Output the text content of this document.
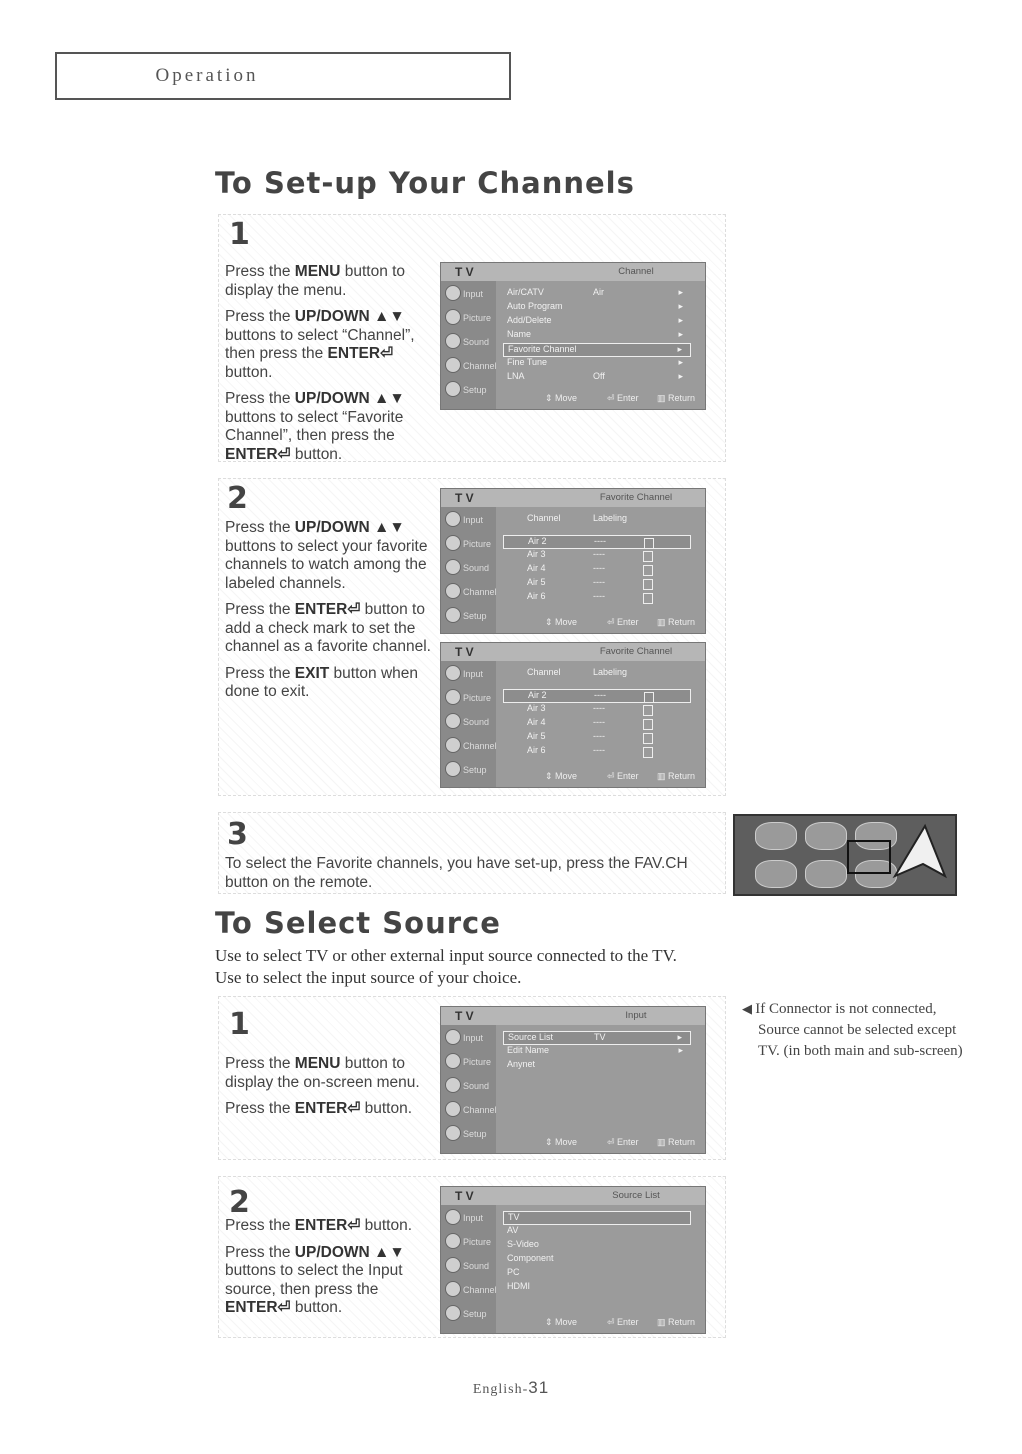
Operation
To Set-up Your Channels
1

Press the MENU button to display the menu.

Press the UP/DOWN ▲▼ buttons to select “Channel”, then press the ENTER⏎ button.

Press the UP/DOWN ▲▼ buttons to select “Favorite Channel”, then press the ENTER⏎ button.

2

Press the UP/DOWN ▲▼ buttons to select your favorite channels to watch among the labeled channels.

Press the ENTER⏎ button to add a check mark to set the channel as a favorite channel.

Press the EXIT button when done to exit.

3

To select the Favorite channels, you have set-up, press the FAV.CH button on the remote.

To Select Source
Use to select TV or other external input source connected to the TV.
Use to select the input source of your choice.
1

Press the MENU button to display the on-screen menu.

Press the ENTER⏎ button.

◀ If Connector is not connected,
Source cannot be selected except
TV. (in both main and sub-screen)
2

Press the ENTER⏎ button.

Press the UP/DOWN ▲▼ buttons to select the Input source, then press the ENTER⏎ button.

T V	Channel
Input
Picture
Sound
Channel
Setup
Air/CATV	Air	▸
Auto Program	▸
Add/Delete	▸
Name	▸
Favorite Channel	▸
Fine Tune	▸
LNA	Off	▸
⇕ Move	⏎ Enter ▥ Return
T V	Favorite Channel
Input
Picture
Sound
Channel
Setup
Channel	Labeling
Air 2	----
Air 3	----
Air 4	----
Air 5	----
Air 6	----
⇕ Move	⏎ Enter ▥ Return
T V	Favorite Channel
Input
Picture
Sound
Channel
Setup
Channel	Labeling
Air 2	----
Air 3	----
Air 4	----
Air 5	----
Air 6	----
⇕ Move	⏎ Enter ▥ Return
T V	Input
Input
Picture
Sound
Channel
Setup
Source List	TV	▸
Edit Name	▸
Anynet
⇕ Move	⏎ Enter ▥ Return
T V	Source List
Input
Picture
Sound
Channel
Setup
TV
AV
S-Video
Component
PC
HDMI
⇕ Move	⏎ Enter ▥ Return
English-31
